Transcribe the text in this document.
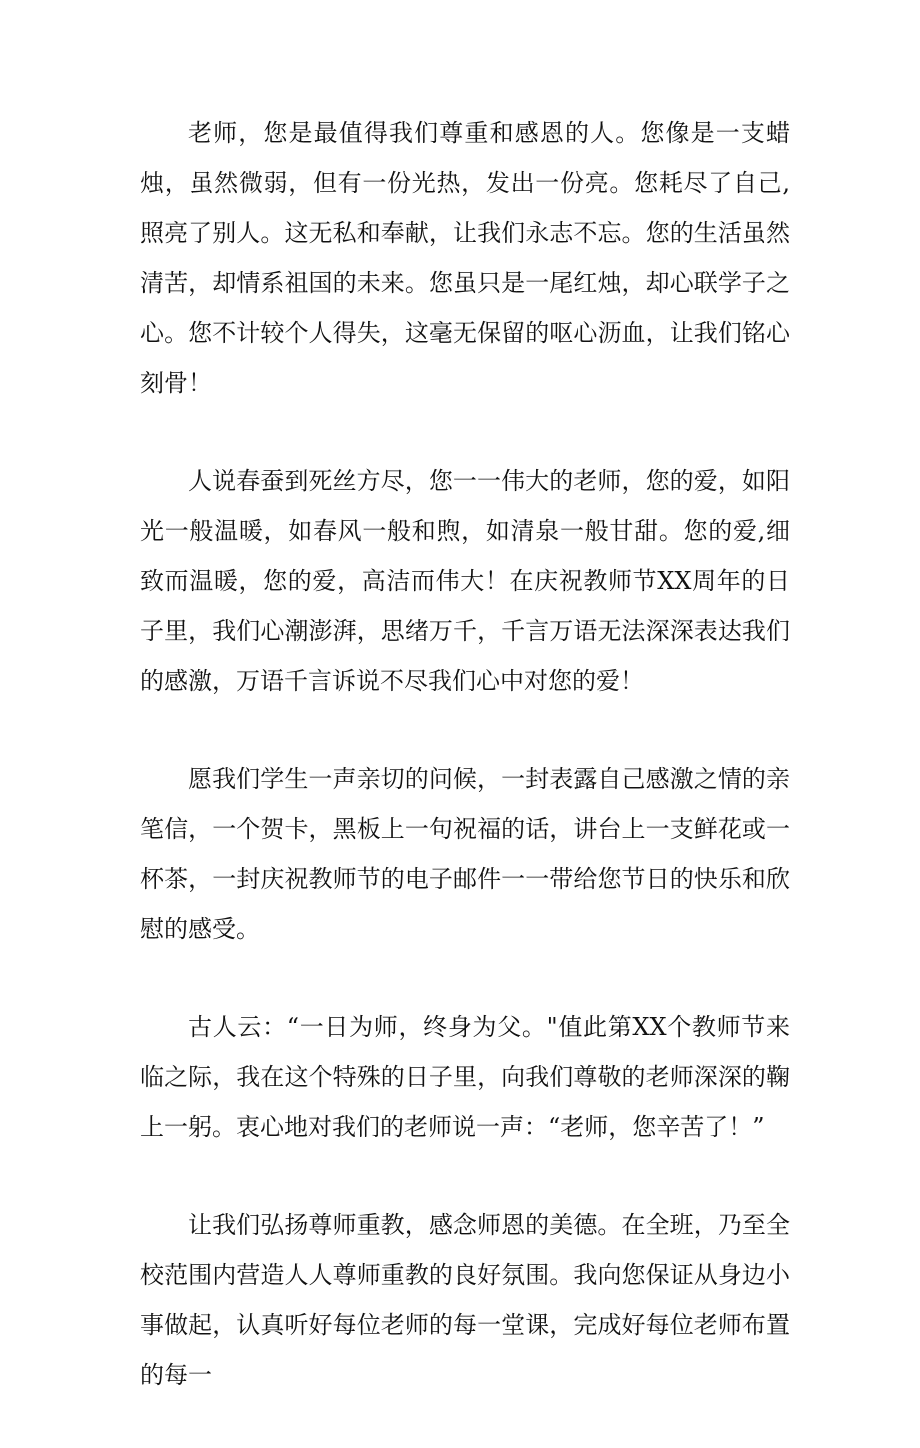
老师，您是最值得我们尊重和感恩的人。您像是一支蜡烛，虽然微弱，但有一份光热，发出一份亮。您耗尽了自己,照亮了别人。这无私和奉献，让我们永志不忘。您的生活虽然清苦，却情系祖国的未来。您虽只是一尾红烛，却心联学子之心。您不计较个人得失，这毫无保留的呕心沥血，让我们铭心刻骨！

人说春蚕到死丝方尽，您一一伟大的老师，您的爱，如阳光一般温暖，如春风一般和煦，如清泉一般甘甜。您的爱,细致而温暖，您的爱，高洁而伟大！在庆祝教师节XX周年的日子里，我们心潮澎湃，思绪万千，千言万语无法深深表达我们的感激，万语千言诉说不尽我们心中对您的爱！

愿我们学生一声亲切的问候，一封表露自己感激之情的亲笔信，一个贺卡，黑板上一句祝福的话，讲台上一支鲜花或一杯茶，一封庆祝教师节的电子邮件一一带给您节日的快乐和欣慰的感受。

古人云：“一日为师，终身为父。"值此第XX个教师节来临之际，我在这个特殊的日子里，向我们尊敬的老师深深的鞠上一躬。衷心地对我们的老师说一声：“老师，您辛苦了！”

让我们弘扬尊师重教，感念师恩的美德。在全班，乃至全校范围内营造人人尊师重教的良好氛围。我向您保证从身边小事做起，认真听好每位老师的每一堂课，完成好每位老师布置的每一
